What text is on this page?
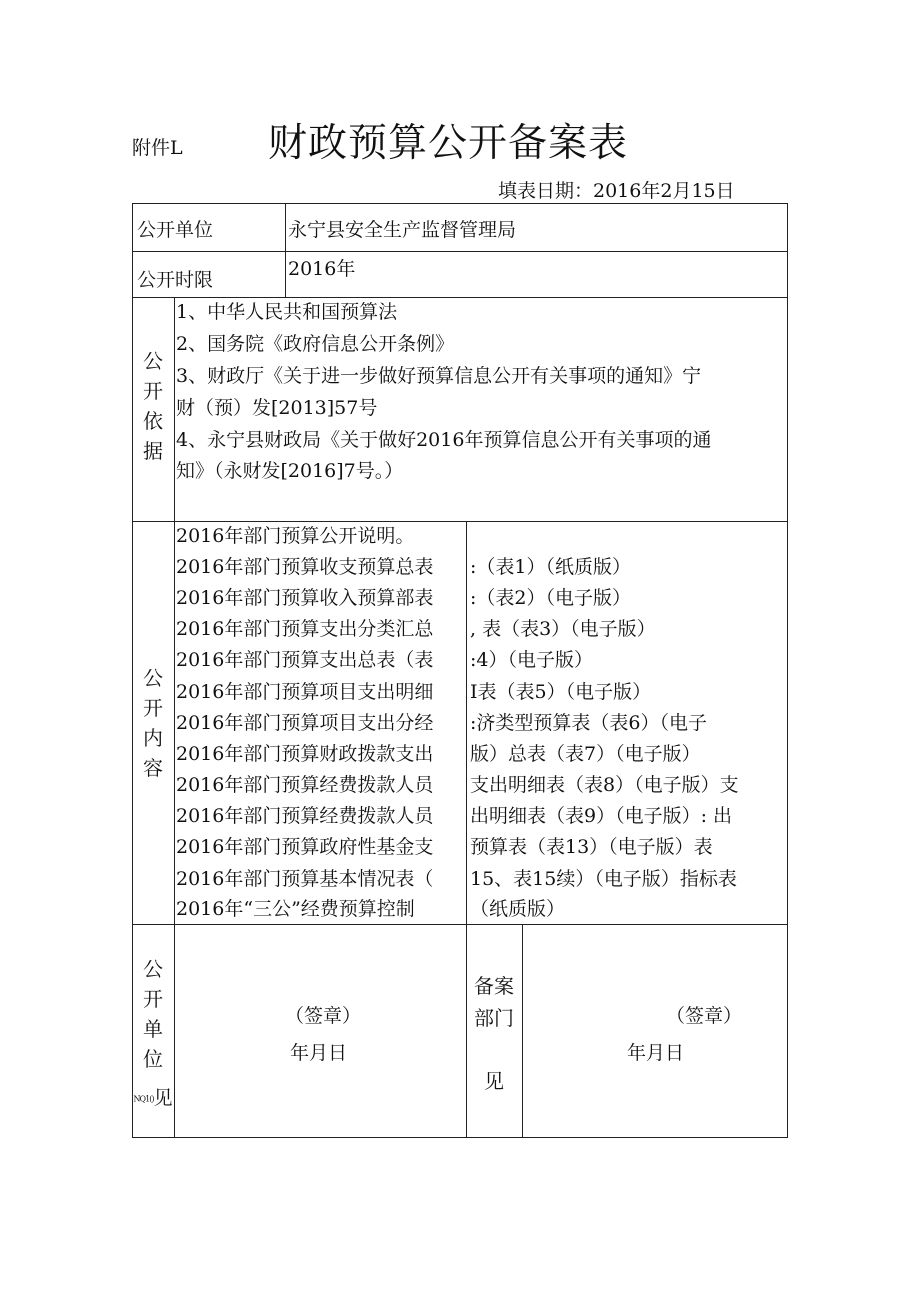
附件L 财政预算公开备案表
填表日期：2016年2月15日
公开单位	永宁县安全生产监督管理局
公开时限	2016年
公
开
依
据
1、中华人民共和国预算法
2、国务院《政府信息公开条例》
3、财政厅《关于进一步做好预算信息公开有关事项的通知》宁
财（预）发[2013]57号
4、永宁县财政局《关于做好2016年预算信息公开有关事项的通
知》（永财发[2016]7号。）
公
开
内
容
2016年部门预算公开说明。
2016年部门预算收支预算总表
2016年部门预算收入预算部表
2016年部门预算支出分类汇总
2016年部门预算支出总表（表
2016年部门预算项目支出明细
2016年部门预算项目支出分经
2016年部门预算财政拨款支出
2016年部门预算经费拨款人员
2016年部门预算经费拨款人员
2016年部门预算政府性基金支
2016年部门预算基本情况表（
2016年“三公”经费预算控制
:（表1）（纸质版）
:（表2）（电子版）
, 表（表3）（电子版）
:4）（电子版）
I表（表5）（电子版）
:济类型预算表（表6）（电子
版）总表（表7）（电子版）
支出明细表（表8）（电子版）支
出明细表（表9）（电子版）: 出
预算表（表13）（电子版）表
15、表15续）（电子版）指标表
（纸质版）
公
开
单
位
NQ1()见
（签章）
年月日
备案
部门
见
（签章）
年月日
